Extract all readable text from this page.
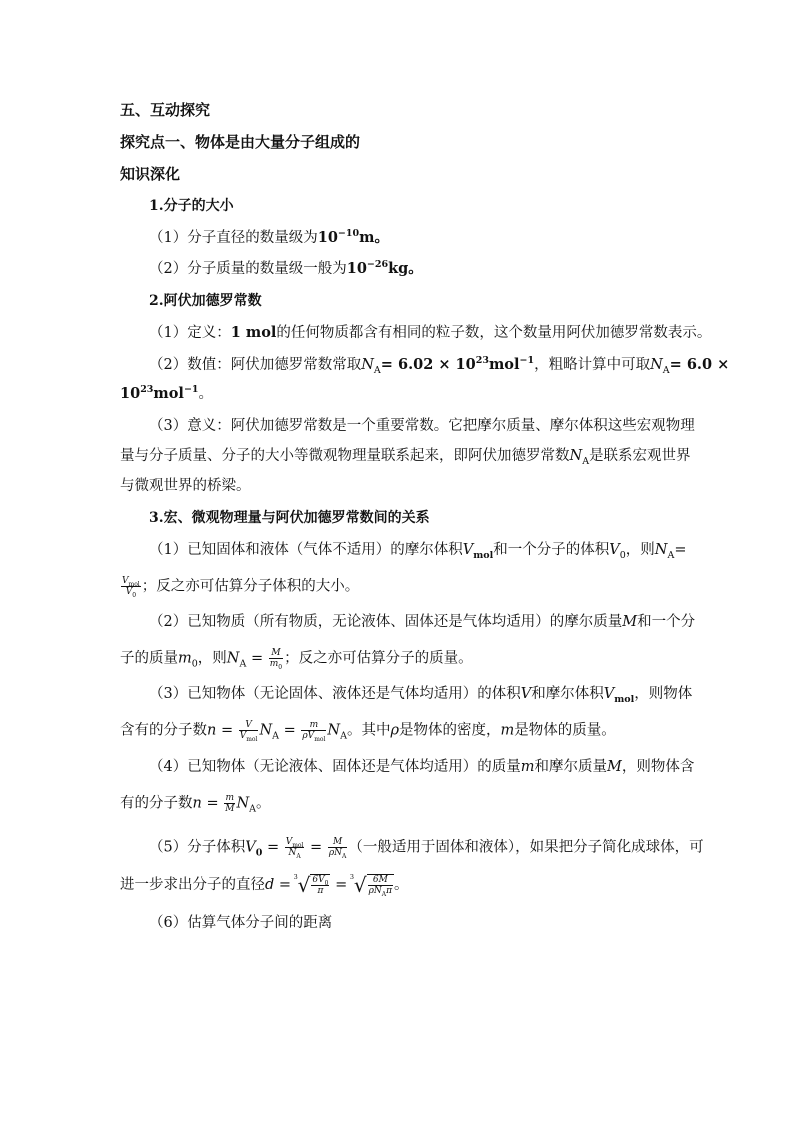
五、互动探究
探究点一、物体是由大量分子组成的
知识深化
1.分子的大小
（1）分子直径的数量级为$10^{-10}m$。
（2）分子质量的数量级一般为$10^{-26}kg$。
2.阿伏加德罗常数
（1）定义：1 mol的任何物质都含有相同的粒子数，这个数量用阿伏加德罗常数表示。
（2）数值：阿伏加德罗常数常取$N_A= 6.02 \times 10^{23}mol^{-1}$，粗略计算中可取$N_A= 6.0$ ×
$10^{23}mol^{-1}$。
（3）意义：阿伏加德罗常数是一个重要常数。它把摩尔质量、摩尔体积这些宏观物理
量与分子质量、分子的大小等微观物理量联系起来，即阿伏加德罗常数$N_A$是联系宏观世界
与微观世界的桥梁。
3.宏、微观物理量与阿伏加德罗常数间的关系
（1）已知固体和液体（气体不适用）的摩尔体积$V_{mol}$和一个分子的体积$V_0$，则$N_A=$
$\frac{V_{mol}}{V_0}$ ；反之亦可估算分子体积的大小。
（2）已知物质（所有物质，无论液体、固体还是气体均适用）的摩尔质量M和一个分
子的质量$m_0$，则$N_A = \frac{M}{m_0}$ ；反之亦可估算分子的质量。
（3）已知物体（无论固体、液体还是气体均适用）的体积V和摩尔体积$V_{mol}$，则物体
含有的分子数$n = \frac{V}{V_{mol}} N_A = \frac{m}{\rho V_{mol}} N_A$。其中ρ是物体的密度，m是物体的质量。
（4）已知物体（无论液体、固体还是气体均适用）的质量m和摩尔质量M，则物体含
有的分子数$n = \frac{m}{M} N_A$。
（5）分子体积$V_0 = \frac{V_{mol}}{N_A} = \frac{M}{\rho N_A}$ （一般适用于固体和液体），如果把分子简化成球体，可
进一步求出分子的直径d =
3 √ $\frac{6V_0}{\pi}$ =
3 √ $\frac{6M}{\rho N_A\pi}$ 。
（6）估算气体分子间的距离
